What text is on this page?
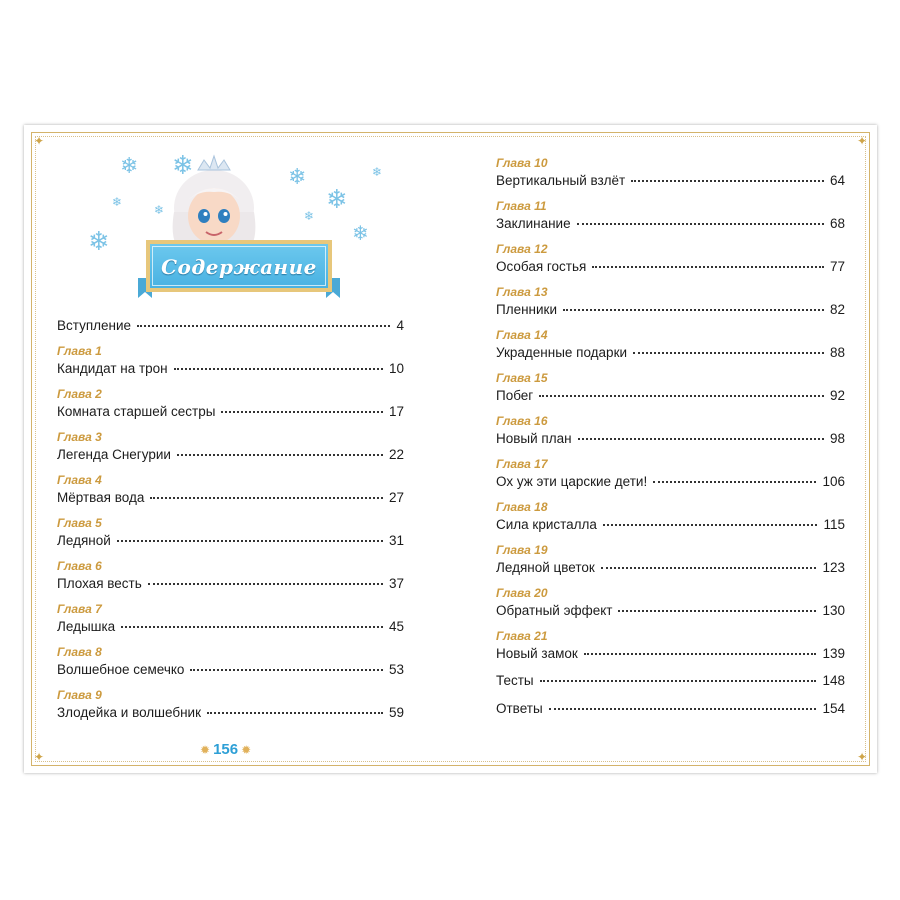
✦	✦
✦	✦
❄ ❄
❄
❄
❄
❄	❄
❄
❄
❄
Содержание
Вступление	4
Глава 1
Кандидат на трон	10
Глава 2
Комната старшей сестры	17
Глава 3
Легенда Снегурии	22
Глава 4
Мёртвая вода	27
Глава 5
Ледяной	31
Глава 6
Плохая весть	37
Глава 7
Ледышка	45
Глава 8
Волшебное семечко	53
Глава 9
Злодейка и волшебник	59
Глава 10
Вертикальный взлёт	64
Глава 11
Заклинание	68
Глава 12
Особая гостья	77
Глава 13
Пленники	82
Глава 14
Украденные подарки	88
Глава 15
Побег	92
Глава 16
Новый план	98
Глава 17
Ох уж эти царские дети!	106
Глава 18
Сила кристалла	115
Глава 19
Ледяной цветок	123
Глава 20
Обратный эффект	130
Глава 21
Новый замок	139
Тесты	148
Ответы	154
✹ 156 ✹
